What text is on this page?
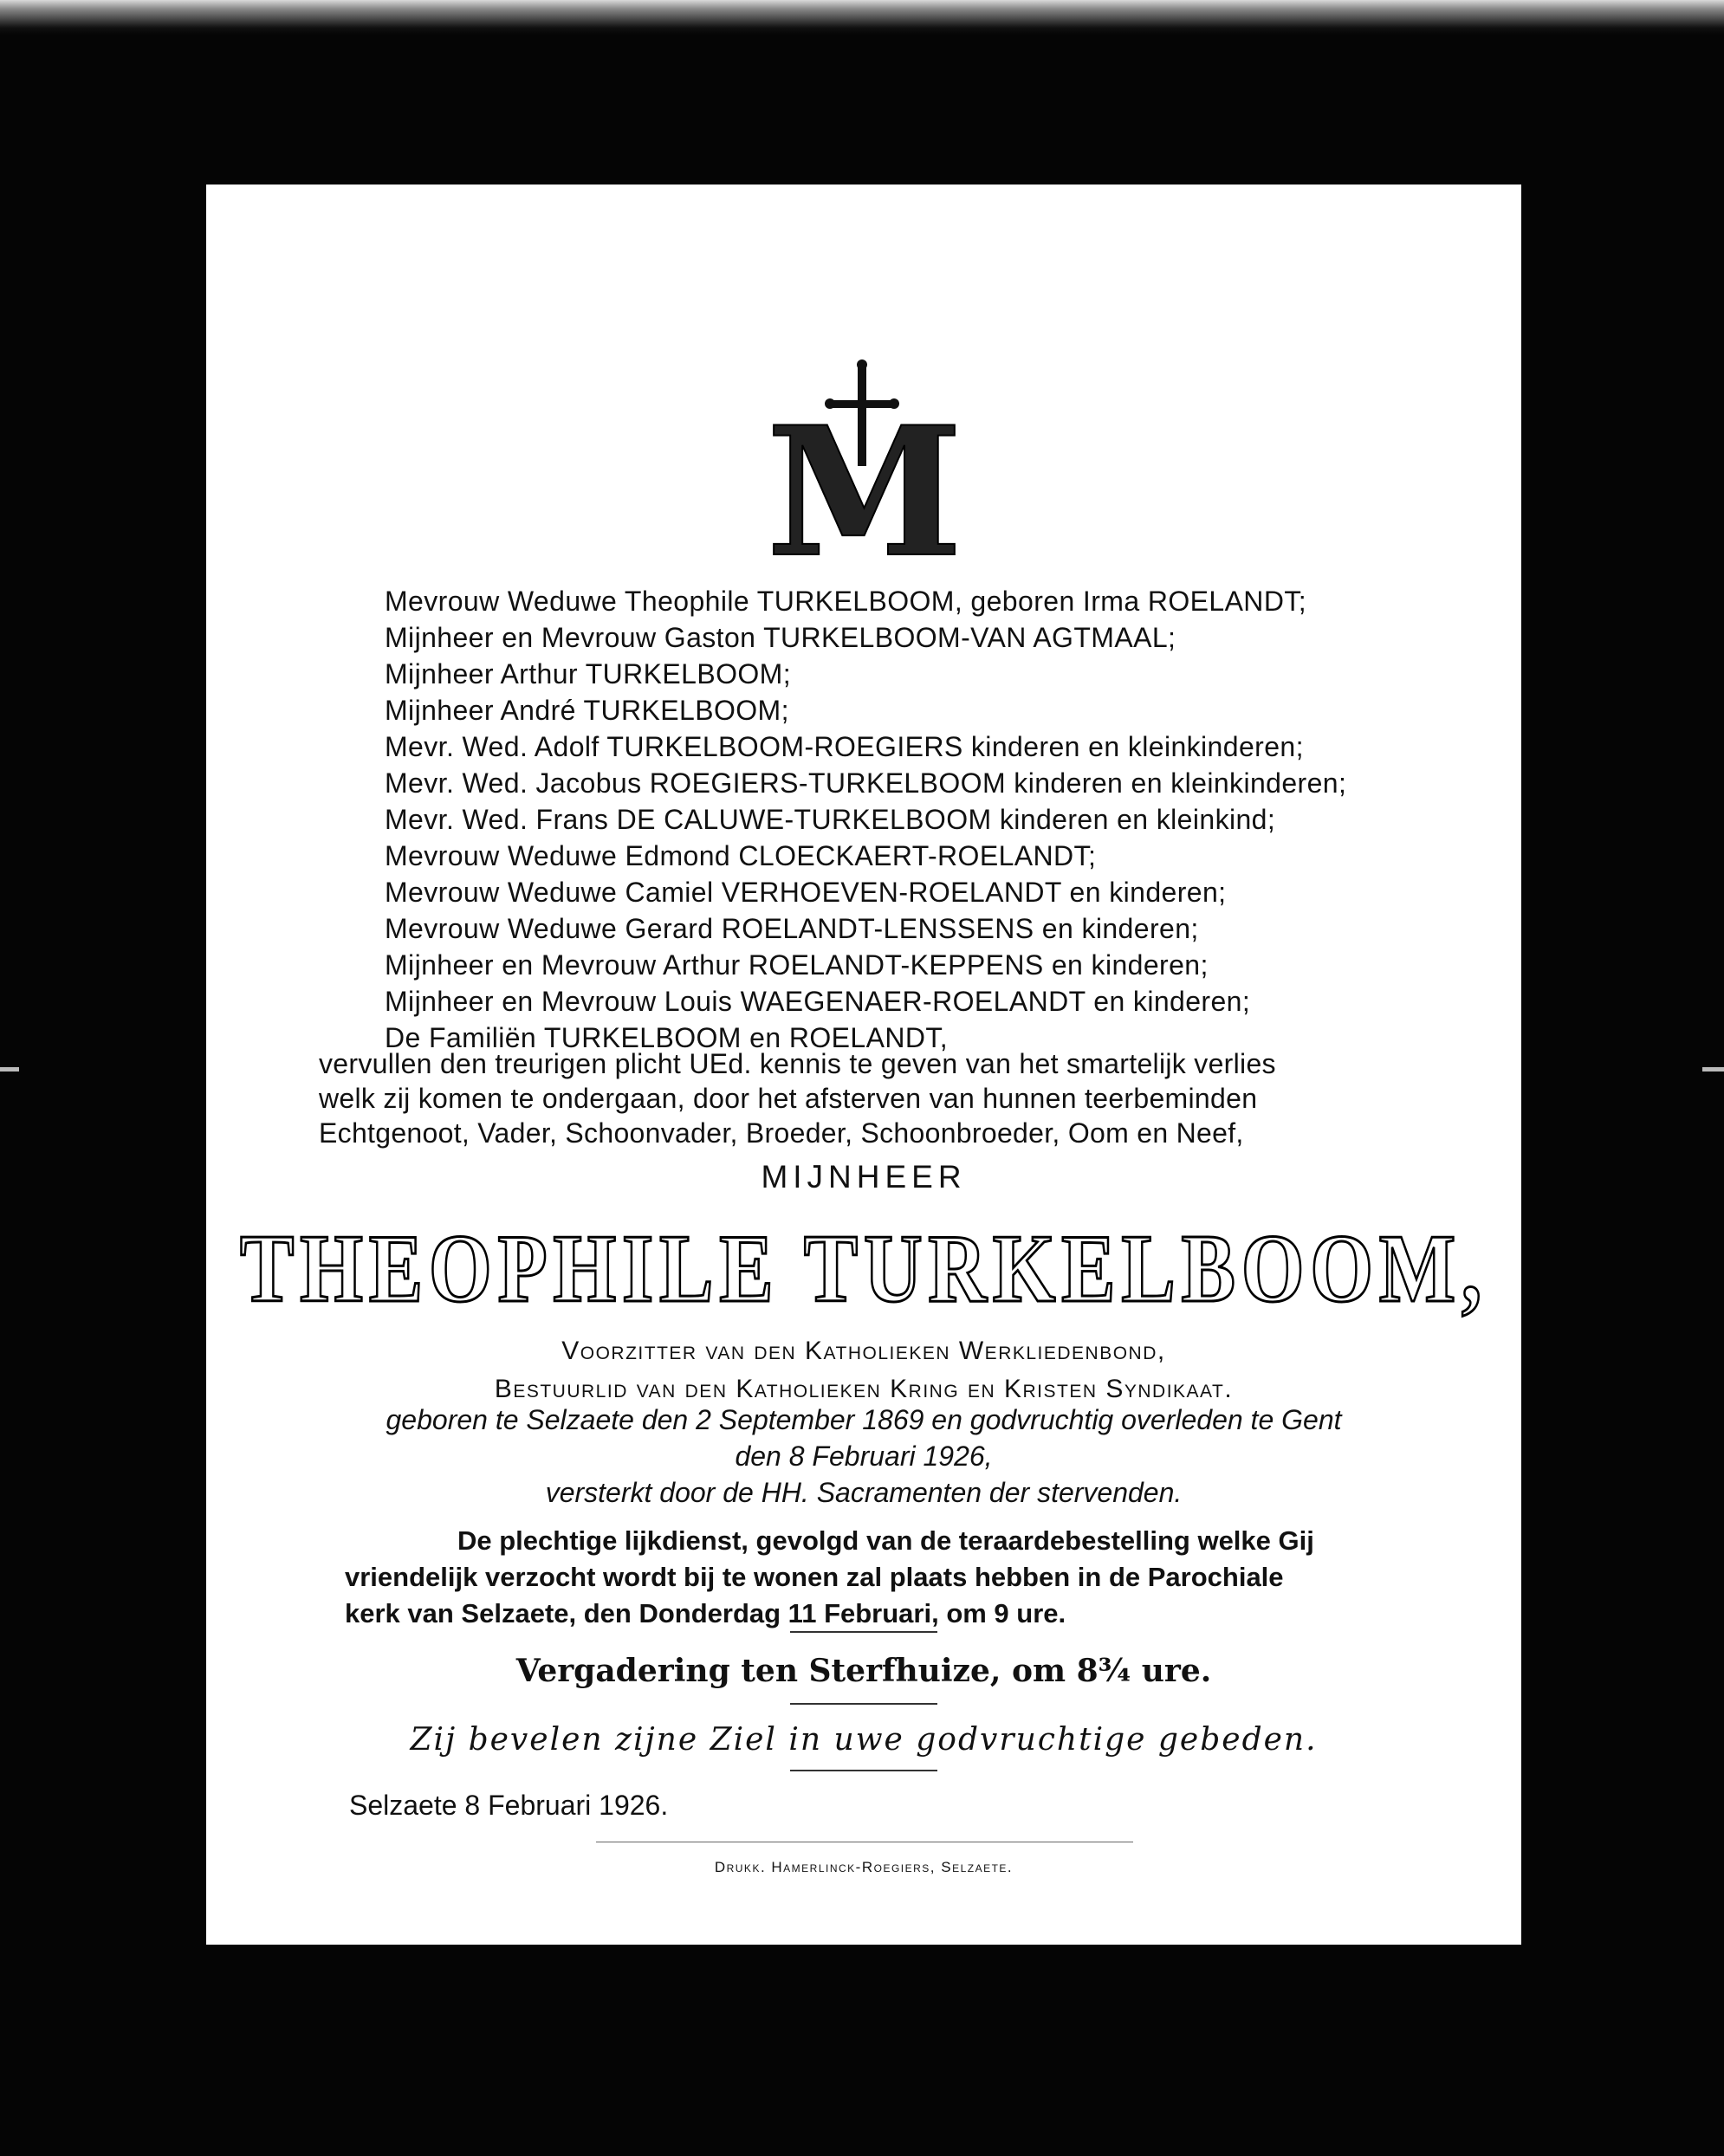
M
Mevrouw Weduwe Theophile TURKELBOOM, geboren Irma ROELANDT;
Mijnheer en Mevrouw Gaston TURKELBOOM-VAN AGTMAAL;
Mijnheer Arthur TURKELBOOM;
Mijnheer André TURKELBOOM;
Mevr. Wed. Adolf TURKELBOOM-ROEGIERS kinderen en kleinkinderen;
Mevr. Wed. Jacobus ROEGIERS-TURKELBOOM kinderen en kleinkinderen;
Mevr. Wed. Frans DE CALUWE-TURKELBOOM kinderen en kleinkind;
Mevrouw Weduwe Edmond CLOECKAERT-ROELANDT;
Mevrouw Weduwe Camiel VERHOEVEN-ROELANDT en kinderen;
Mevrouw Weduwe Gerard ROELANDT-LENSSENS en kinderen;
Mijnheer en Mevrouw Arthur ROELANDT-KEPPENS en kinderen;
Mijnheer en Mevrouw Louis WAEGENAER-ROELANDT en kinderen;
De Familiën TURKELBOOM en ROELANDT,
vervullen den treurigen plicht UEd. kennis te geven van het smartelijk verlies
welk zij komen te ondergaan, door het afsterven van hunnen teerbeminden
Echtgenoot, Vader, Schoonvader, Broeder, Schoonbroeder, Oom en Neef,
MIJNHEER
THEOPHILE TURKELBOOM,
Voorzitter van den Katholieken Werkliedenbond,
Bestuurlid van den Katholieken Kring en Kristen Syndikaat.
geboren te Selzaete den 2 September 1869 en godvruchtig overleden te Gent
den 8 Februari 1926,
versterkt door de HH. Sacramenten der stervenden.
De plechtige lijkdienst, gevolgd van de teraardebestelling welke Gij
vriendelijk verzocht wordt bij te wonen zal plaats hebben in de Parochiale
kerk van Selzaete, den Donderdag 11 Februari, om 9 ure.
Vergadering ten Sterfhuize, om 8¾ ure.
Zij bevelen zijne Ziel in uwe godvruchtige gebeden.
Selzaete 8 Februari 1926.
Drukk. Hamerlinck-Roegiers, Selzaete.
